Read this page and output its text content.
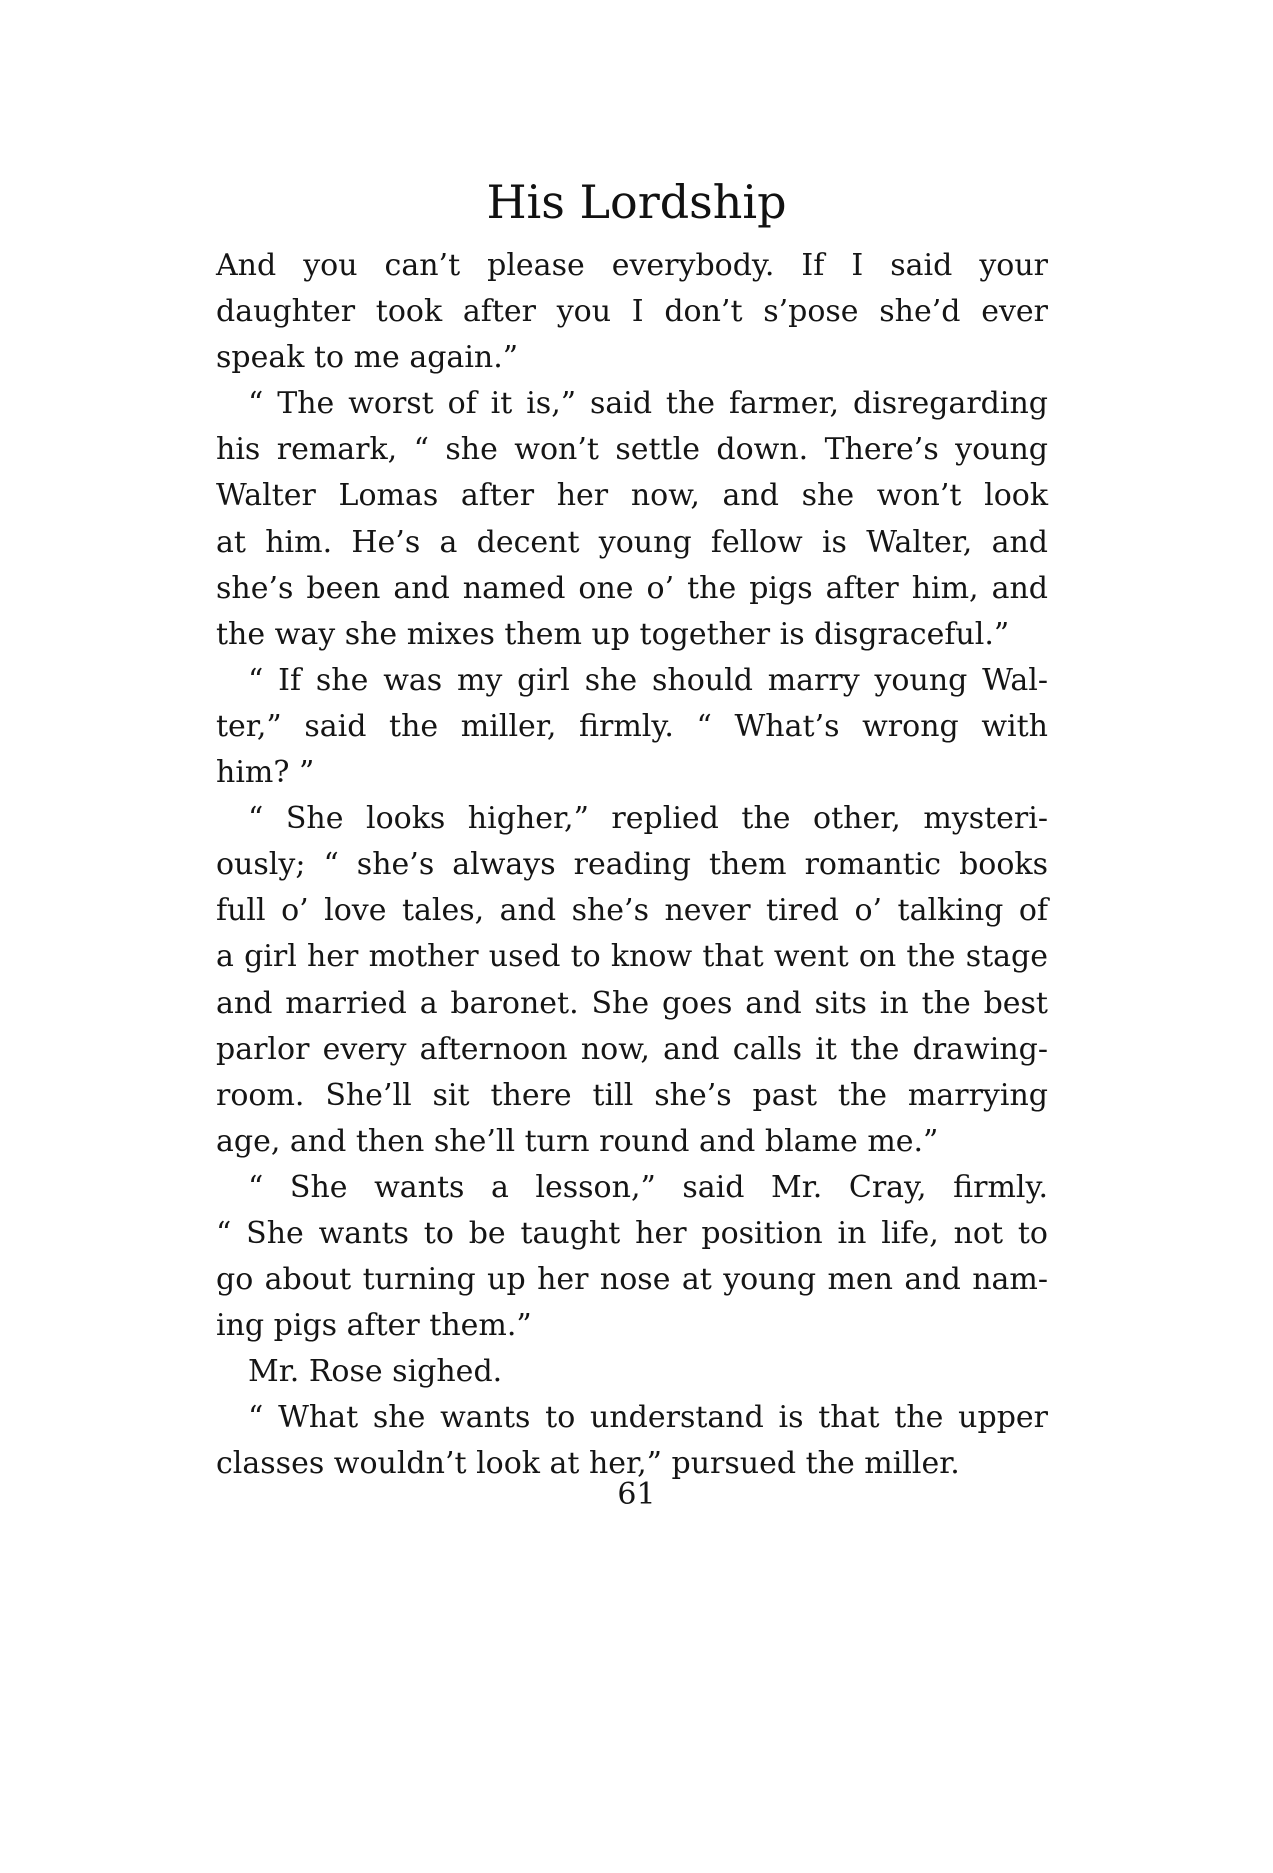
His Lordship
And you can’t please everybody. If I said your
daughter took after you I don’t s’pose she’d ever
speak to me again.”
“ The worst of it is,” said the farmer, disregarding
his remark, “ she won’t settle down. There’s young
Walter Lomas after her now, and she won’t look
at him. He’s a decent young fellow is Walter, and
she’s been and named one o’ the pigs after him, and
the way she mixes them up together is disgraceful.”
“ If she was my girl she should marry young Wal-
ter,” said the miller, firmly. “ What’s wrong with
him? ”
“ She looks higher,” replied the other, mysteri-
ously; “ she’s always reading them romantic books
full o’ love tales, and she’s never tired o’ talking of
a girl her mother used to know that went on the stage
and married a baronet. She goes and sits in the best
parlor every afternoon now, and calls it the drawing-
room. She’ll sit there till she’s past the marrying
age, and then she’ll turn round and blame me.”
“ She wants a lesson,” said Mr. Cray, firmly.
“ She wants to be taught her position in life, not to
go about turning up her nose at young men and nam-
ing pigs after them.”
Mr. Rose sighed.
“ What she wants to understand is that the upper
classes wouldn’t look at her,” pursued the miller.
61
